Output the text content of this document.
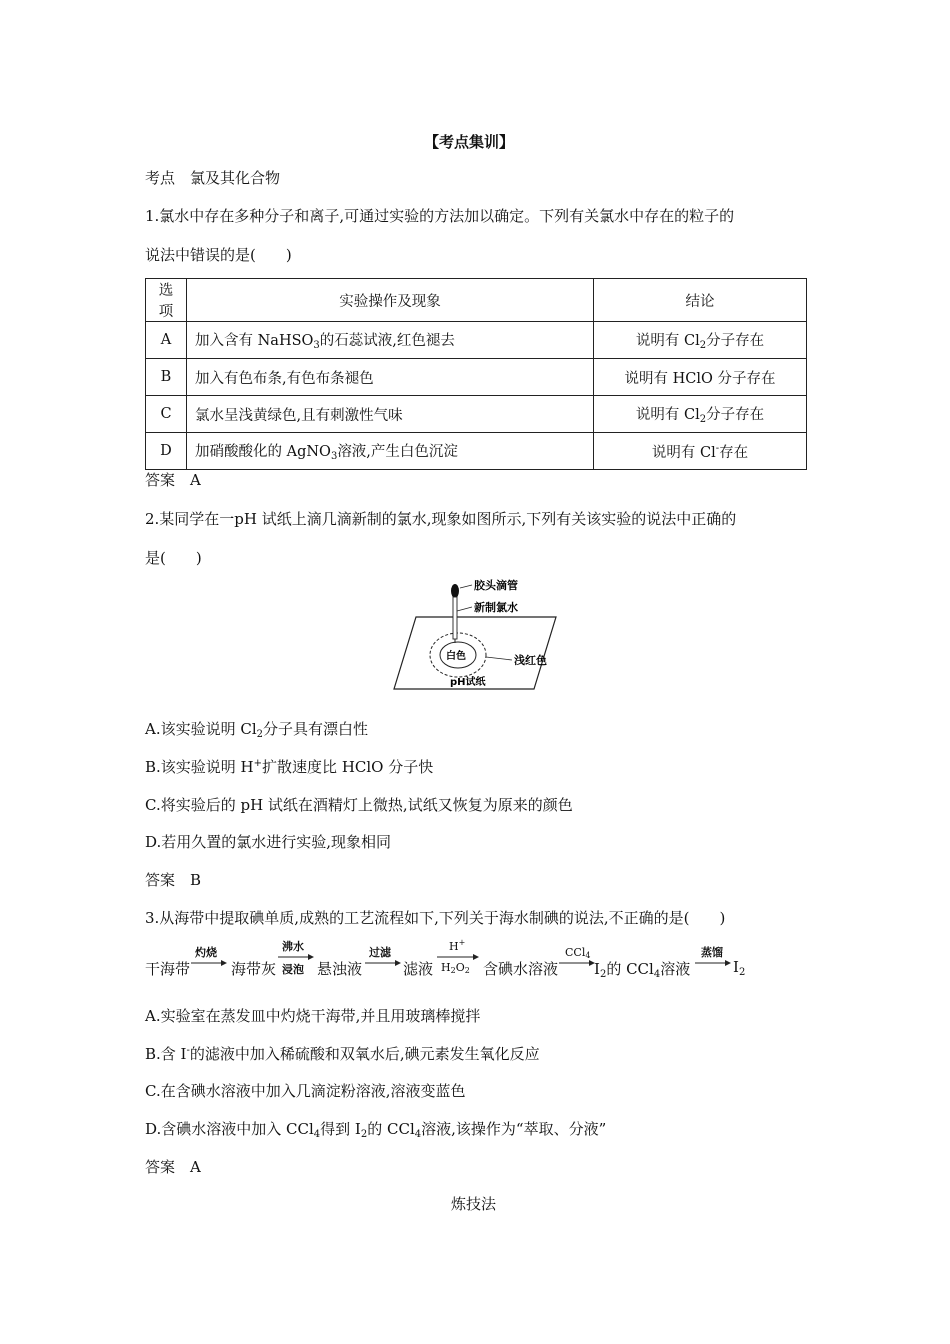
【考点集训】
考点　氯及其化合物
1.氯水中存在多种分子和离子,可通过实验的方法加以确定。下列有关氯水中存在的粒子的
说法中错误的是(　　)
选项	实验操作及现象	结论
A	加入含有 NaHSO$_3$的石蕊试液,红色褪去	说明有 $Cl_2$分子存在
B	加入有色布条,有色布条褪色	说明有 HClO 分子存在
C	氯水呈浅黄绿色,且有刺激性气味	说明有 $Cl_2$分子存在
D	加硝酸酸化的 AgNO$_3$溶液,产生白色沉淀	说明有 Cl-存在
答案　A
2.某同学在一pH 试纸上滴几滴新制的氯水,现象如图所示,下列有关该实验的说法中正确的
是(　　)
胶头滴管
新制氯水
白色	浅红色
pH试纸
A.该实验说明 $Cl_2$分子具有漂白性
B.该实验说明 H+扩散速度比 HClO 分子快
C.将实验后的 pH 试纸在酒精灯上微热,试纸又恢复为原来的颜色
D.若用久置的氯水进行实验,现象相同
答案　B
3.从海带中提取碘单质,成熟的工艺流程如下,下列关于海水制碘的说法,不正确的是(　　)
干海带
灼烧
海带灰
沸水
浸泡 悬浊液
过滤
滤液
H+
H2O2 含碘水溶液
CCl4
$I_2$的 CCl$_4$溶液
蒸馏
$I_2$
A.实验室在蒸发皿中灼烧干海带,并且用玻璃棒搅拌
B.含 I-的滤液中加入稀硫酸和双氧水后,碘元素发生氧化反应
C.在含碘水溶液中加入几滴淀粉溶液,溶液变蓝色
D.含碘水溶液中加入 CCl$_4$得到 $I_2$的 CCl$_4$溶液,该操作为“萃取、分液”
答案　A
炼技法
